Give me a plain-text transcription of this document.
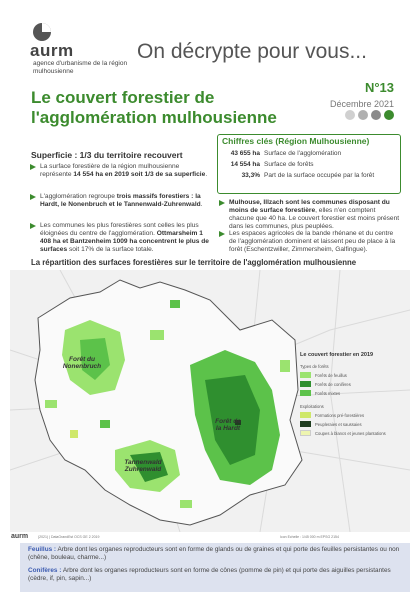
aurm
agence d'urbanisme de la région mulhousienne
On décrypte pour vous...
Le couvert forestier de l'agglomération mulhousienne
N°13
Décembre 2021
Chiffres clés (Région Mulhousienne)
43 655 ha Surface de l'agglomération
14 554 ha Surface de forêts
33,3% Part de la surface occupée par la forêt
Superficie : 1/3 du territoire recouvert
La surface forestière de la région mulhousienne représente 14 554 ha en 2019 soit 1/3 de sa superficie.
L'agglomération regroupe trois massifs forestiers : la Hardt, le Nonenbruch et le Tannenwald-Zuhrenwald.
Les communes les plus forestières sont celles les plus éloignées du centre de l'agglomération. Ottmarsheim 1 408 ha et Bantzenheim 1009 ha concentrent le plus de surfaces soit 17% de la surface totale.
Mulhouse, Illzach sont les communes disposant du moins de surface forestière, elles n'en comptent chacune que 40 ha. Le couvert forestier est moins présent dans les communes, plus peuplées.
Les espaces agricoles de la bande rhénane et du centre de l'agglomération dominent et laissent peu de place à la forêt (Eschentzwiller, Zimmersheim, Galfingue).
La répartition des surfaces forestières sur le territoire de l'agglomération mulhousienne
Forêt du
Nonenbruch
Forêt de
la Hardt
Tannenwald
Zuhrenwald
Le couvert forestier en 2019
Types de forêts
Forêts de feuillus
Forêts de conifères
Forêts mixtes
Exploitations
Formations pré-forestières
Peupleraies et saussaies
Coupes à blancs et jeunes plantations
aurm	(2021) | DataGrandEst OCS GE 2 2019	Icon Echelle : 1/45 000 m EPSG 2154
Feuillus : Arbre dont les organes reproducteurs sont en forme de glands ou de graines et qui porte des feuilles persistantes ou non (chêne, bouleau, charme...)
Conifères : Arbre dont les organes reproducteurs sont en forme de cônes (pomme de pin) et qui porte des aiguilles persistantes (cèdre, if, pin, sapin...)
